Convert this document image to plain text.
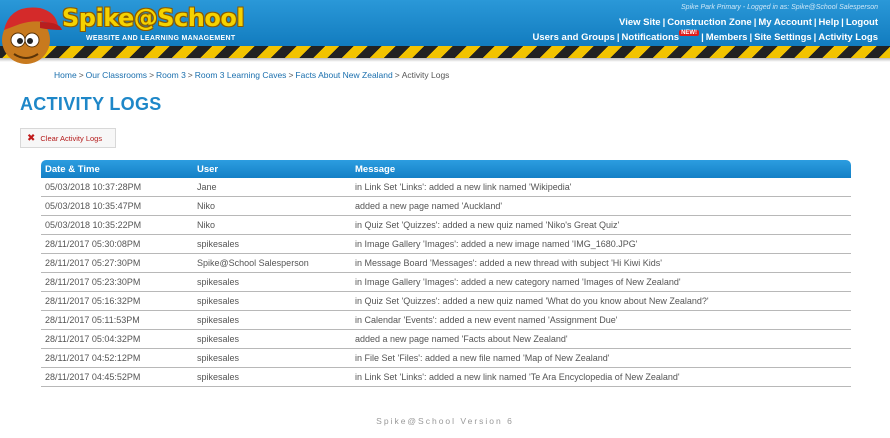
Spike@School
WEBSITE AND LEARNING MANAGEMENT
Spike Park Primary - Logged in as: Spike@School Salesperson
View Site | Construction Zone | My Account | Help | Logout
Users and Groups | Notifications NEW! | Members | Site Settings | Activity Logs
Home > Our Classrooms > Room 3 > Room 3 Learning Caves > Facts About New Zealand > Activity Logs
ACTIVITY LOGS
✖ Clear Activity Logs
Date & Time	User	Message
05/03/2018 10:37:28PM	Jane	in Link Set 'Links': added a new link named 'Wikipedia'
05/03/2018 10:35:47PM	Niko	added a new page named 'Auckland'
05/03/2018 10:35:22PM	Niko	in Quiz Set 'Quizzes': added a new quiz named 'Niko's Great Quiz'
28/11/2017 05:30:08PM	spikesales	in Image Gallery 'Images': added a new image named 'IMG_1680.JPG'
28/11/2017 05:27:30PM	Spike@School Salesperson	in Message Board 'Messages': added a new thread with subject 'Hi Kiwi Kids'
28/11/2017 05:23:30PM	spikesales	in Image Gallery 'Images': added a new category named 'Images of New Zealand'
28/11/2017 05:16:32PM	spikesales	in Quiz Set 'Quizzes': added a new quiz named 'What do you know about New Zealand?'
28/11/2017 05:11:53PM	spikesales	in Calendar 'Events': added a new event named 'Assignment Due'
28/11/2017 05:04:32PM	spikesales	added a new page named 'Facts about New Zealand'
28/11/2017 04:52:12PM	spikesales	in File Set 'Files': added a new file named 'Map of New Zealand'
28/11/2017 04:45:52PM	spikesales	in Link Set 'Links': added a new link named 'Te Ara Encyclopedia of New Zealand'
Spike@School Version 6
